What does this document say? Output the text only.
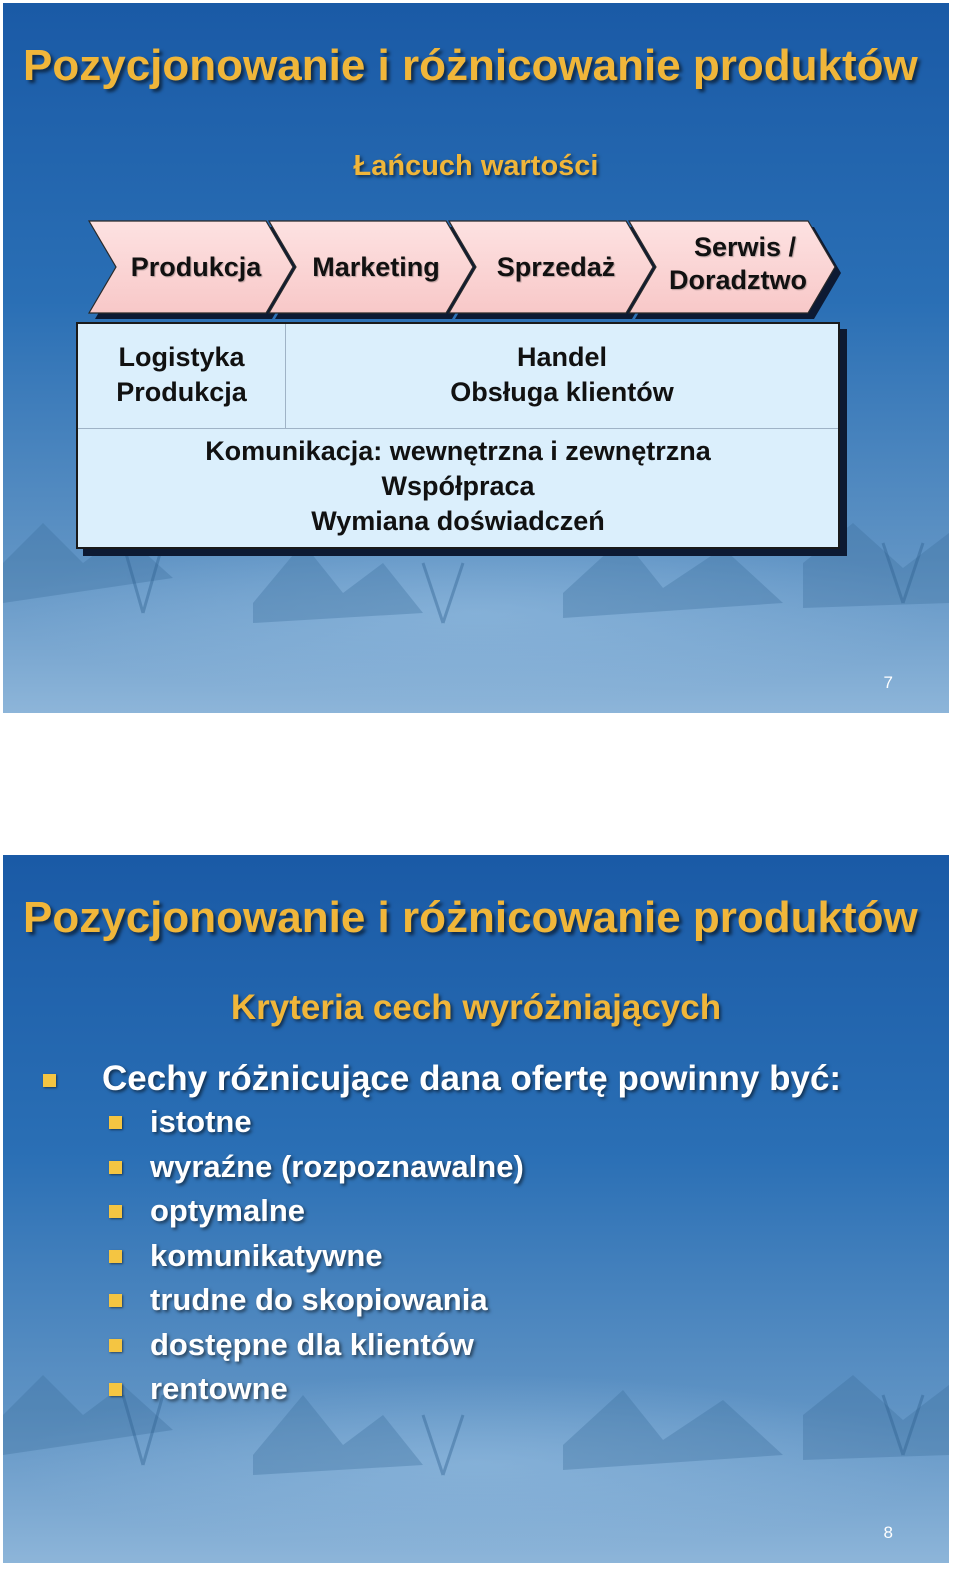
Pozycjonowanie i różnicowanie produktów
Łańcuch wartości
Produkcja	Marketing	Sprzedaż
Serwis /
Doradztwo
Logistyka
Produkcja
Handel
Obsługa klientów
Komunikacja: wewnętrzna i zewnętrzna
Współpraca
Wymiana doświadczeń
7
Pozycjonowanie i różnicowanie produktów
Kryteria cech wyróżniających
Cechy różnicujące dana ofertę powinny być:
istotne
wyraźne (rozpoznawalne)
optymalne
komunikatywne
trudne do skopiowania
dostępne dla klientów
rentowne
8
